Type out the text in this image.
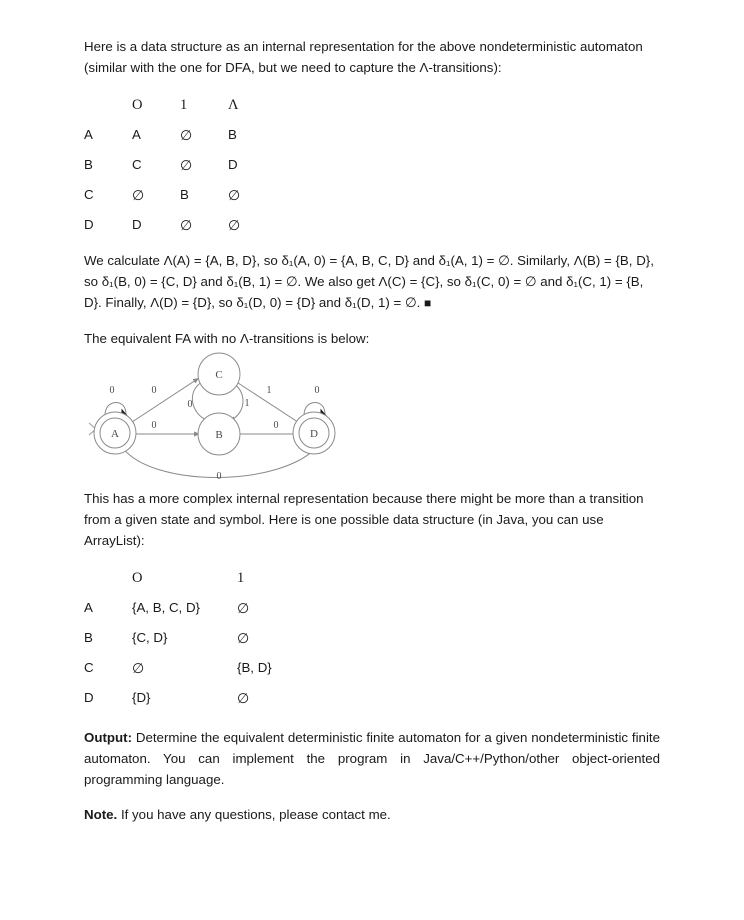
Here is a data structure as an internal representation for the above nondeterministic automaton (similar with the one for DFA, but we need to capture the Λ-transitions):

	O	1	Λ
A	A	∅	B
B	C	∅	D
C	∅	B	∅
D	D	∅	∅

We calculate Λ(A) = {A, B, D}, so δ₁(A, 0) = {A, B, C, D} and δ₁(A, 1) = ∅. Similarly, Λ(B) = {B, D}, so δ₁(B, 0) = {C, D} and δ₁(B, 1) = ∅. We also get Λ(C) = {C}, so δ₁(C, 0) = ∅ and δ₁(C, 1) = {B, D}. Finally, Λ(D) = {D}, so δ₁(D, 0) = {D} and δ₁(D, 1) = ∅. ■

The equivalent FA with no Λ-transitions is below:

A
C
B	D
0	0
0
0
1
1
0
0
0

This has a more complex internal representation because there might be more than a transition from a given state and symbol. Here is one possible data structure (in Java, you can use ArrayList):

	O	1
A	{A, B, C, D}	∅
B	{C, D}	∅
C	∅	{B, D}
D	{D}	∅

Output: Determine the equivalent deterministic finite automaton for a given nondeterministic finite automaton. You can implement the program in Java/C++/Python/other object-oriented programming language.

Note. If you have any questions, please contact me.
